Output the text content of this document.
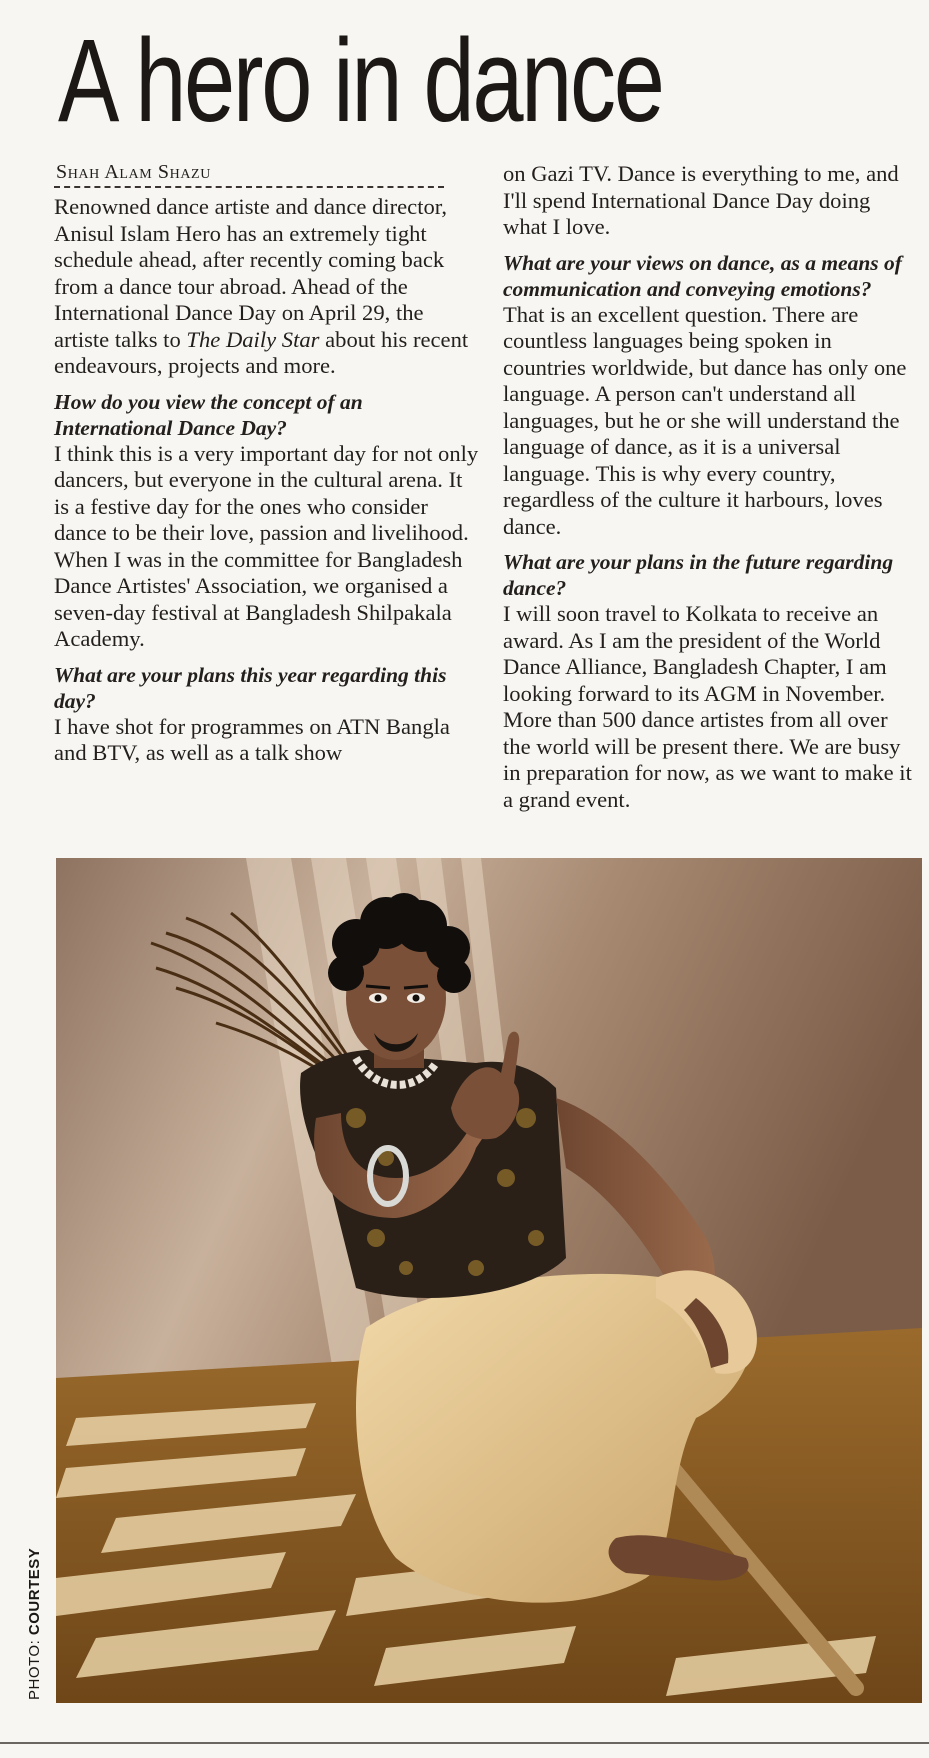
A hero in dance
Shah Alam Shazu

Renowned dance artiste and dance director, Anisul Islam Hero has an extremely tight schedule ahead, after recently coming back from a dance tour abroad. Ahead of the International Dance Day on April 29, the artiste talks to The Daily Star about his recent endeavours, projects and more.

How do you view the concept of an International Dance Day?

I think this is a very important day for not only dancers, but everyone in the cultural arena. It is a festive day for the ones who consider dance to be their love, passion and livelihood. When I was in the committee for Bangladesh Dance Artistes' Association, we organised a seven-day festival at Bangladesh Shilpakala Academy.

What are your plans this year regarding this day?

I have shot for programmes on ATN Bangla and BTV, as well as a talk show

on Gazi TV. Dance is everything to me, and I'll spend International Dance Day doing what I love.

What are your views on dance, as a means of communication and conveying emotions?

That is an excellent question. There are countless languages being spoken in countries worldwide, but dance has only one language. A person can't understand all languages, but he or she will understand the language of dance, as it is a universal language. This is why every country, regardless of the culture it harbours, loves dance.

What are your plans in the future regarding dance?

I will soon travel to Kolkata to receive an award. As I am the president of the World Dance Alliance, Bangladesh Chapter, I am looking forward to its AGM in November. More than 500 dance artistes from all over the world will be present there. We are busy in preparation for now, as we want to make it a grand event.

PHOTO: COURTESY
